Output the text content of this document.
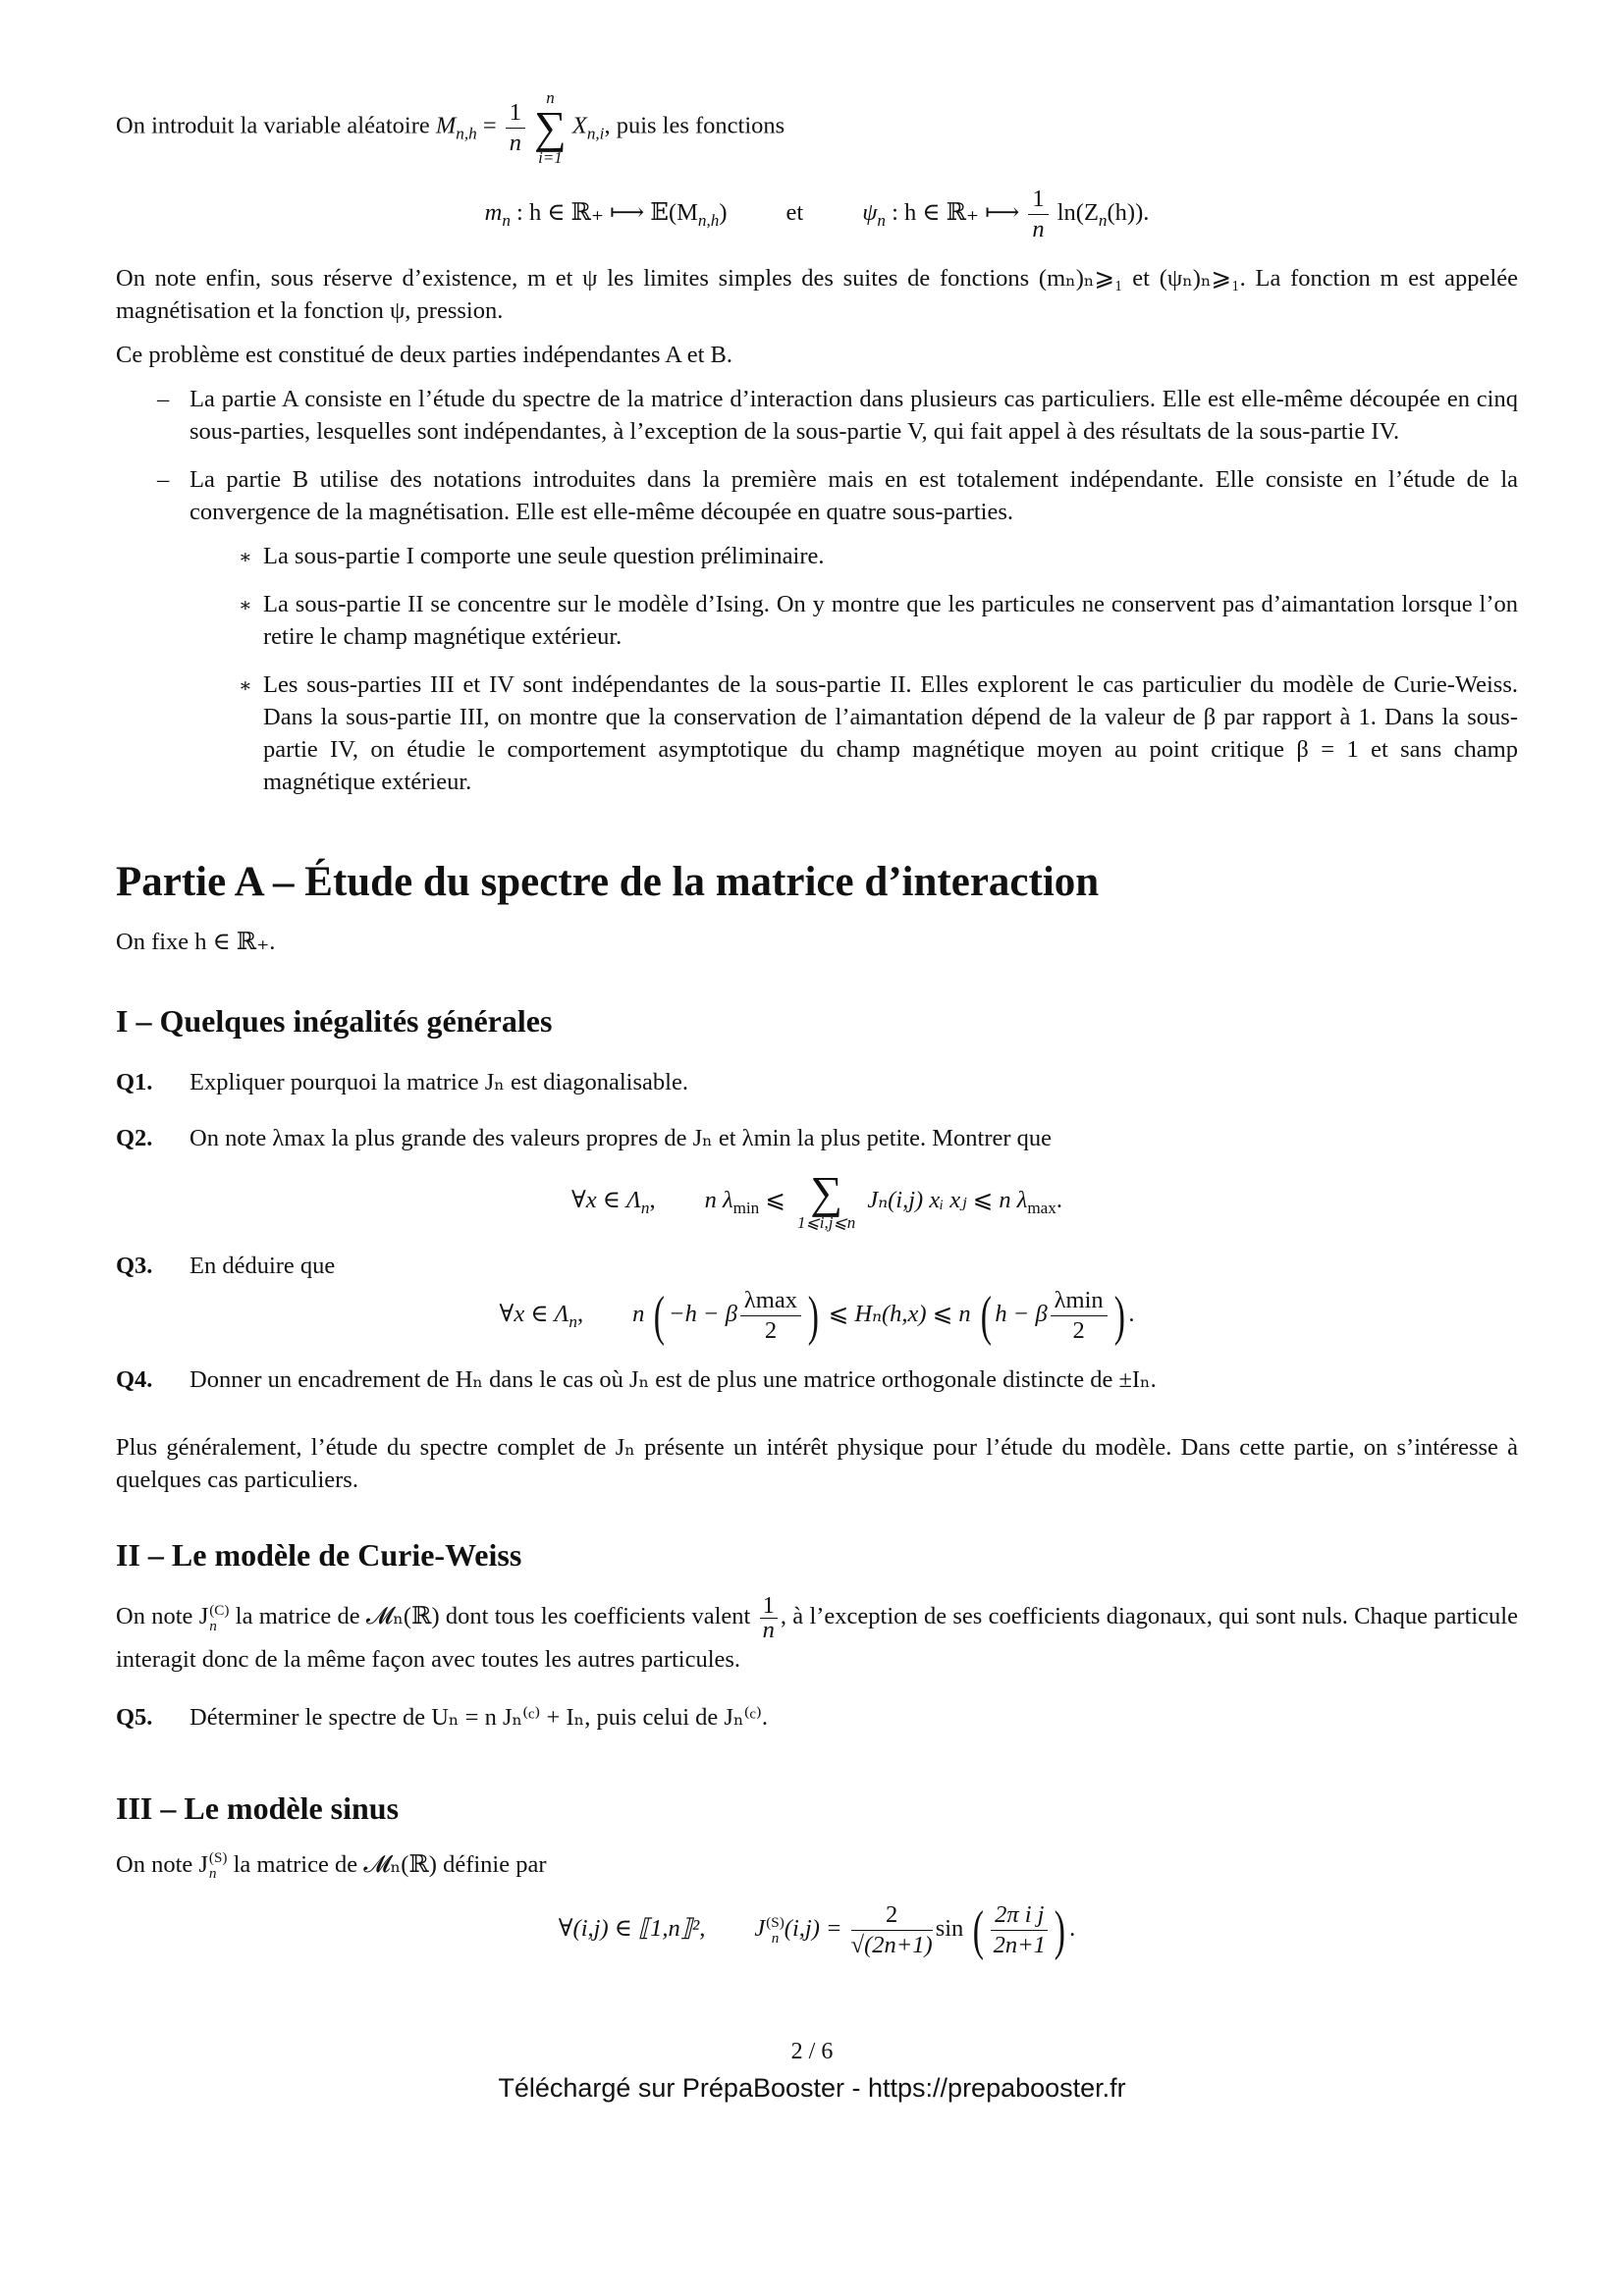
On introduit la variable aléatoire $M_{n,h} = \frac{1}{n}$	n
∑
i=1
$X_{n,i}$, puis les fonctions
$m_n$ : h ∈ ℝ₊ ⟼ $𝔼(M_{n,h})$ et $\psi_n$ : h ∈ ℝ₊ ⟼ $\frac{1}{n} \ln(Z_n(h))$.

On note enfin, sous réserve d’existence, m et ψ les limites simples des suites de fonctions (mₙ)ₙ⩾₁ et (ψₙ)ₙ⩾₁. La fonction m est appelée magnétisation et la fonction ψ, pression.

Ce problème est constitué de deux parties indépendantes A et B.

– La partie A consiste en l’étude du spectre de la matrice d’interaction dans plusieurs cas particuliers. Elle est elle-même découpée en cinq sous-parties, lesquelles sont indépendantes, à l’exception de la sous-partie V, qui fait appel à des résultats de la sous-partie IV.

– La partie B utilise des notations introduites dans la première mais en est totalement indépendante. Elle consiste en l’étude de la convergence de la magnétisation. Elle est elle-même découpée en quatre sous-parties.

∗ La sous-partie I comporte une seule question préliminaire.

∗ La sous-partie II se concentre sur le modèle d’Ising. On y montre que les particules ne conservent pas d’aimantation lorsque l’on retire le champ magnétique extérieur.

∗ Les sous-parties III et IV sont indépendantes de la sous-partie II. Elles explorent le cas particulier du modèle de Curie-Weiss. Dans la sous-partie III, on montre que la conservation de l’aimantation dépend de la valeur de β par rapport à 1. Dans la sous-partie IV, on étudie le comportement asymptotique du champ magnétique moyen au point critique β = 1 et sans champ magnétique extérieur.

Partie A – Étude du spectre de la matrice d’interaction

On fixe h ∈ ℝ₊.

I – Quelques inégalités générales
Q1. Expliquer pourquoi la matrice Jₙ est diagonalisable.

Q2. On note λmax la plus grande des valeurs propres de Jₙ et λmin la plus petite. Montrer que

∀x ∈ $\Lambda_n$, n $\lambda_{min}$ ⩽ ∑
1⩽i,j⩽n
Jₙ(i,j) xᵢ xⱼ ⩽ n $\lambda_{max}$.
Q3. En déduire que

∀x ∈ $\Lambda_n$, n ( −h − β $\frac{\lambda\max}{2}$ ) ⩽ Hₙ(h,x) ⩽ n ( h − β $\frac{\lambda\min}{2}$ ) .
Q4. Donner un encadrement de Hₙ dans le cas où Jₙ est de plus une matrice orthogonale distincte de ±Iₙ.

Plus généralement, l’étude du spectre complet de Jₙ présente un intérêt physique pour l’étude du modèle. Dans cette partie, on s’intéresse à quelques cas particuliers.

II – Le modèle de Curie-Weiss

On note J (C)
n la matrice de 𝓜ₙ(ℝ) dont tous les coefficients valent $\frac{1}{n}$ , à l’exception de ses coefficients diagonaux, qui sont nuls. Chaque particule interagit donc de la même façon avec toutes les autres particules.

Q5. Déterminer le spectre de Uₙ = n Jₙ⁽ᶜ⁾ + Iₙ, puis celui de Jₙ⁽ᶜ⁾.

III – Le modèle sinus

On note J (S)
n la matrice de 𝓜ₙ(ℝ) définie par

∀(i,j) ∈ ⟦1,n⟧², J (S)
n $(i,j) = \frac{2}{√(2n+1)}$ sin ( $\frac{\text{2π i j}}{2n+1}$ ) .
2 / 6
Téléchargé sur PrépaBooster - https://prepabooster.fr
